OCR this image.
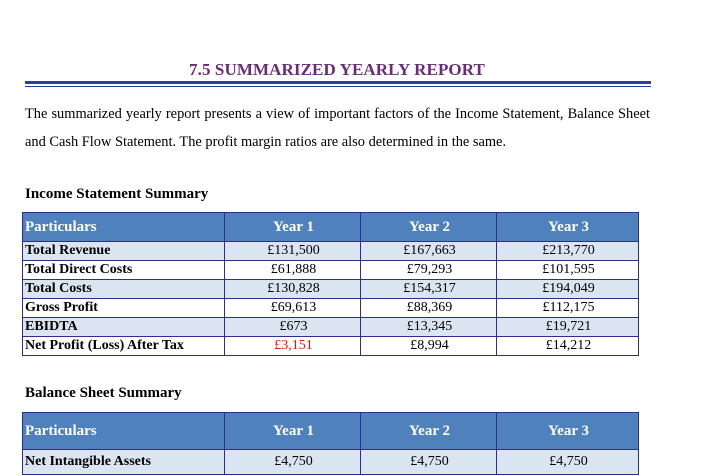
7.5 SUMMARIZED YEARLY REPORT
The summarized yearly report presents a view of important factors of the Income Statement, Balance Sheet and Cash Flow Statement. The profit margin ratios are also determined in the same.
Income Statement Summary
Particulars	Year 1	Year 2	Year 3
Total Revenue	£131,500	£167,663	£213,770
Total Direct Costs	£61,888	£79,293	£101,595
Total Costs	£130,828	£154,317	£194,049
Gross Profit	£69,613	£88,369	£112,175
EBIDTA	£673	£13,345	£19,721
Net Profit (Loss) After Tax	£3,151	£8,994	£14,212
Balance Sheet Summary
Particulars	Year 1	Year 2	Year 3
Net Intangible Assets	£4,750	£4,750	£4,750
